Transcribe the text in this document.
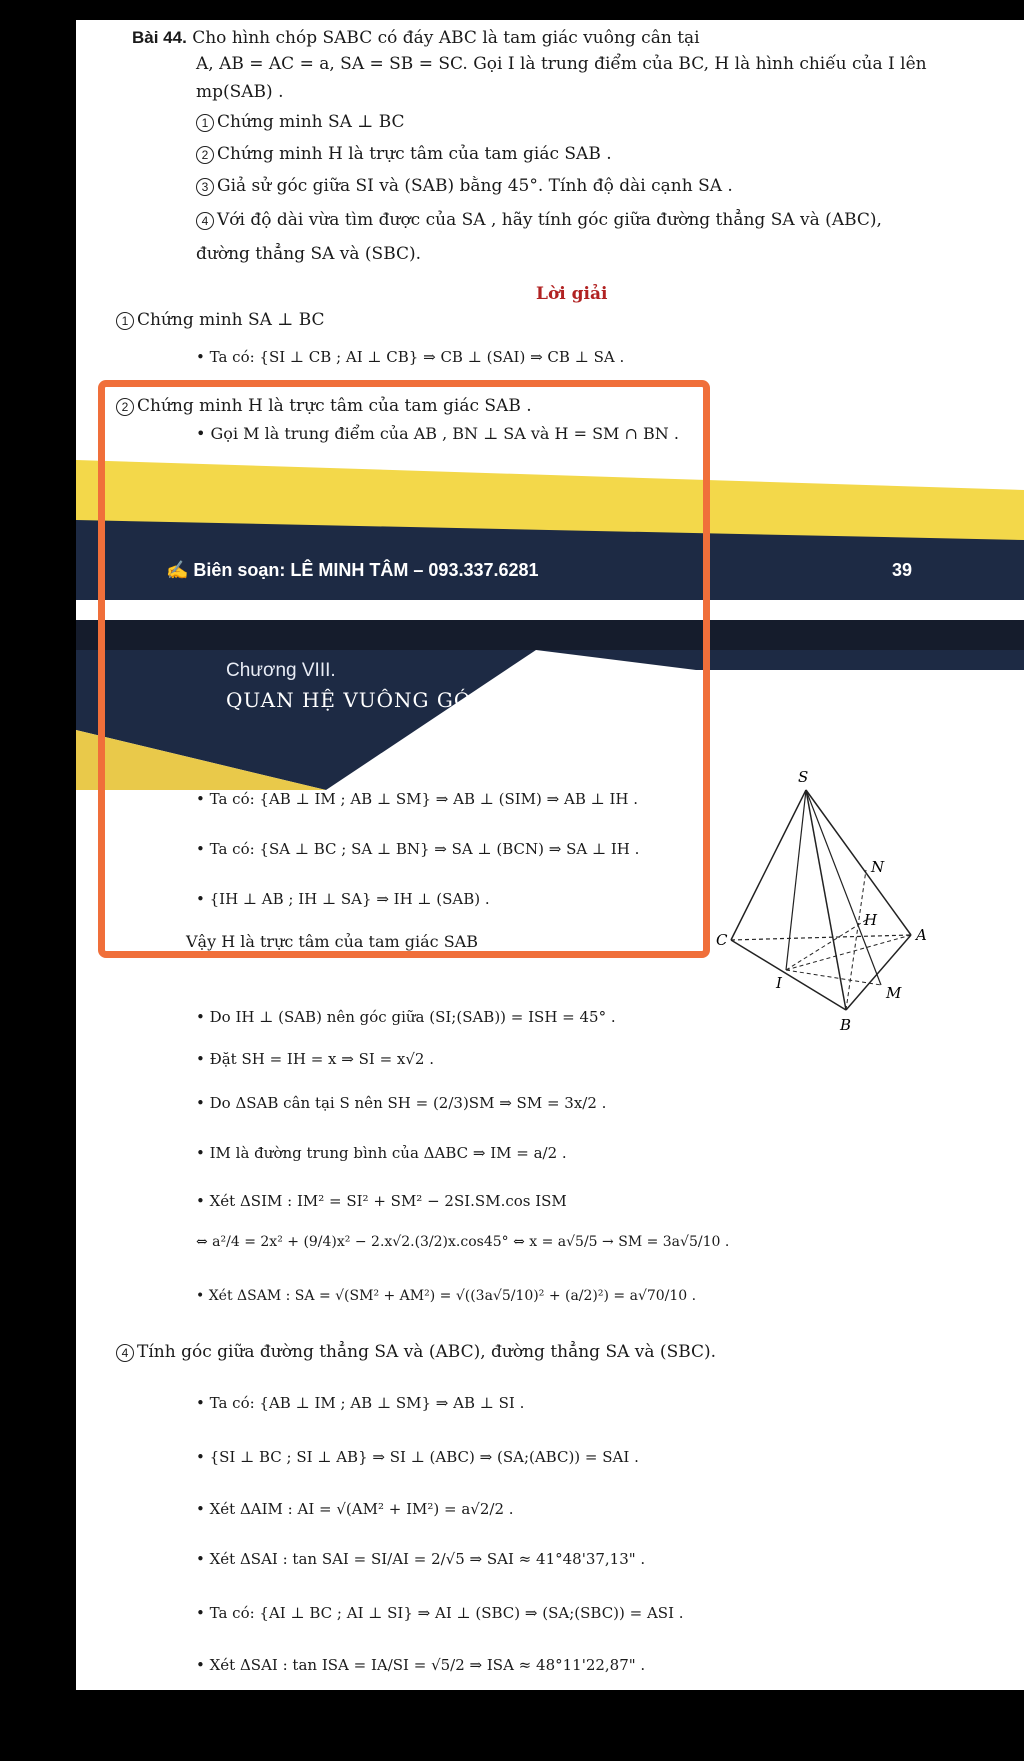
Bài 44. Cho hình chóp SABC có đáy ABC là tam giác vuông cân tại
A, AB = AC = a, SA = SB = SC. Gọi I là trung điểm của BC, H là hình chiếu của I lên
mp(SAB) .
1 Chứng minh SA ⊥ BC
2 Chứng minh H là trực tâm của tam giác SAB .
3 Giả sử góc giữa SI và (SAB) bằng 45°. Tính độ dài cạnh SA .
4 Với độ dài vừa tìm được của SA , hãy tính góc giữa đường thẳng SA và (ABC),
đường thẳng SA và (SBC).
Lời giải
1 Chứng minh SA ⊥ BC
• Ta có: {SI ⊥ CB ; AI ⊥ CB} ⇒ CB ⊥ (SAI) ⇒ CB ⊥ SA .
2 Chứng minh H là trực tâm của tam giác SAB .
• Gọi M là trung điểm của AB , BN ⊥ SA và H = SM ∩ BN .
✍ Biên soạn: LÊ MINH TÂM – 093.337.6281	39
Chương VIII.
QUAN HỆ VUÔNG GÓC
• Ta có: {AB ⊥ IM ; AB ⊥ SM} ⇒ AB ⊥ (SIM) ⇒ AB ⊥ IH .
• Ta có: {SA ⊥ BC ; SA ⊥ BN} ⇒ SA ⊥ (BCN) ⇒ SA ⊥ IH .
• {IH ⊥ AB ; IH ⊥ SA} ⇒ IH ⊥ (SAB) .
Vậy H là trực tâm của tam giác SAB
S
N
H
C	A
I
M
B
• Do IH ⊥ (SAB) nên góc giữa (SI;(SAB)) = ISH = 45° .
• Đặt SH = IH = x ⇒ SI = x√2 .
• Do ΔSAB cân tại S nên SH = (2/3)SM ⇒ SM = 3x/2 .
• IM là đường trung bình của ΔABC ⇒ IM = a/2 .
• Xét ΔSIM : IM² = SI² + SM² − 2SI.SM.cos ISM
⇔ a²/4 = 2x² + (9/4)x² − 2.x√2.(3/2)x.cos45° ⇔ x = a√5/5 → SM = 3a√5/10 .
• Xét ΔSAM : SA = √(SM² + AM²) = √((3a√5/10)² + (a/2)²) = a√70/10 .
4 Tính góc giữa đường thẳng SA và (ABC), đường thẳng SA và (SBC).
• Ta có: {AB ⊥ IM ; AB ⊥ SM} ⇒ AB ⊥ SI .
• {SI ⊥ BC ; SI ⊥ AB} ⇒ SI ⊥ (ABC) ⇒ (SA;(ABC)) = SAI .
• Xét ΔAIM : AI = √(AM² + IM²) = a√2/2 .
• Xét ΔSAI : tan SAI = SI/AI = 2/√5 ⇒ SAI ≈ 41°48'37,13" .
• Ta có: {AI ⊥ BC ; AI ⊥ SI} ⇒ AI ⊥ (SBC) ⇒ (SA;(SBC)) = ASI .
• Xét ΔSAI : tan ISA = IA/SI = √5/2 ⇒ ISA ≈ 48°11'22,87" .
